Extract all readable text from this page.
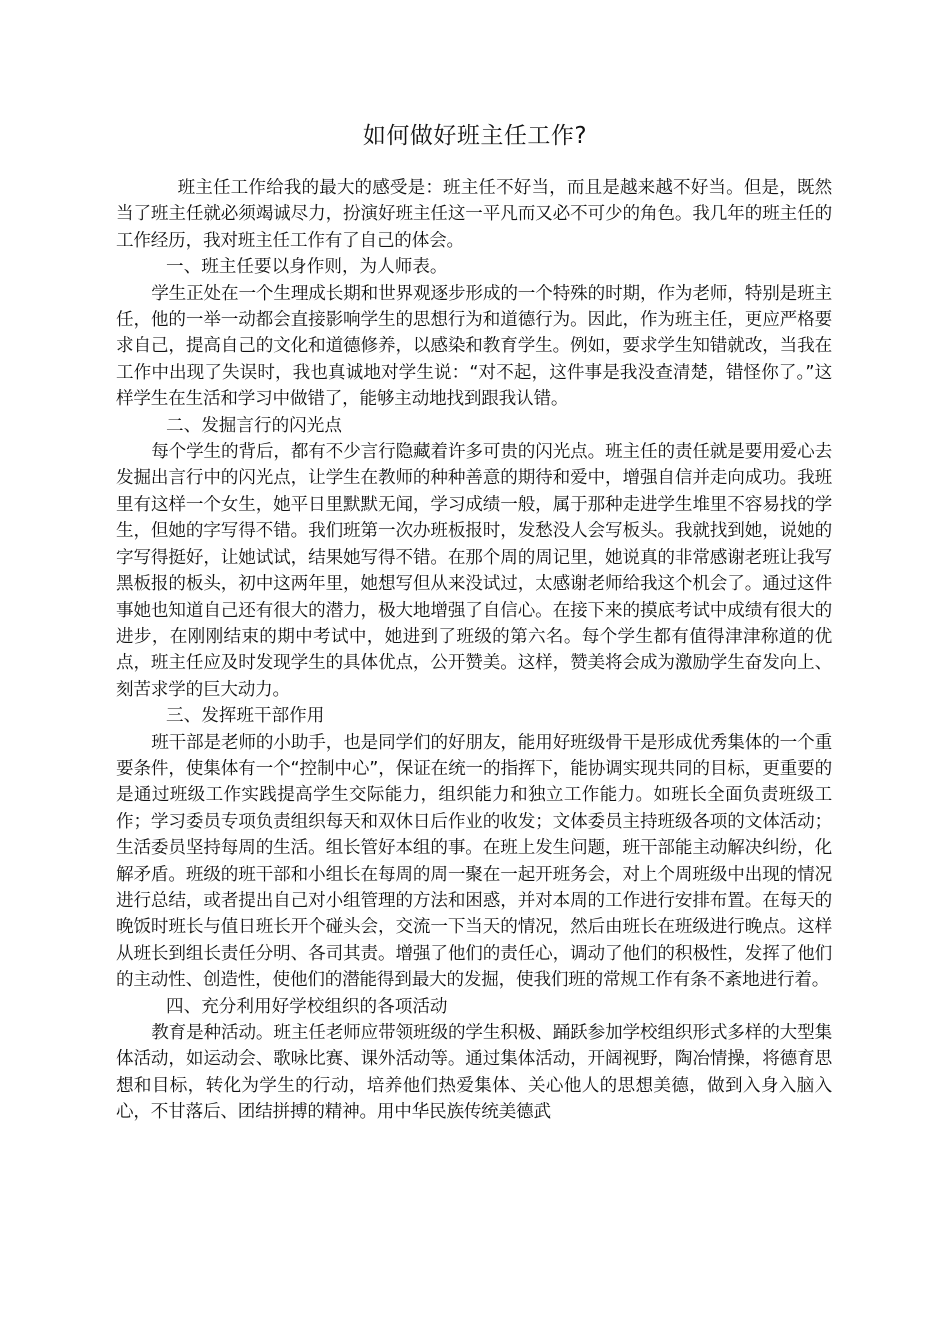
如何做好班主任工作?

班主任工作给我的最大的感受是：班主任不好当，而且是越来越不好当。但是，既然当了班主任就必须竭诚尽力，扮演好班主任这一平凡而又必不可少的角色。我几年的班主任的工作经历，我对班主任工作有了自己的体会。

一、班主任要以身作则，为人师表。

学生正处在一个生理成长期和世界观逐步形成的一个特殊的时期，作为老师，特别是班主任，他的一举一动都会直接影响学生的思想行为和道德行为。因此，作为班主任，更应严格要求自己，提高自己的文化和道德修养，以感染和教育学生。例如，要求学生知错就改，当我在工作中出现了失误时，我也真诚地对学生说：“对不起，这件事是我没查清楚，错怪你了。”这样学生在生活和学习中做错了，能够主动地找到跟我认错。

二、发掘言行的闪光点

每个学生的背后，都有不少言行隐藏着许多可贵的闪光点。班主任的责任就是要用爱心去发掘出言行中的闪光点，让学生在教师的种种善意的期待和爱中，增强自信并走向成功。我班里有这样一个女生，她平日里默默无闻，学习成绩一般，属于那种走进学生堆里不容易找的学生，但她的字写得不错。我们班第一次办班板报时，发愁没人会写板头。我就找到她，说她的字写得挺好，让她试试，结果她写得不错。在那个周的周记里，她说真的非常感谢老班让我写黑板报的板头，初中这两年里，她想写但从来没试过，太感谢老师给我这个机会了。通过这件事她也知道自己还有很大的潜力，极大地增强了自信心。在接下来的摸底考试中成绩有很大的进步，在刚刚结束的期中考试中，她进到了班级的第六名。每个学生都有值得津津称道的优点，班主任应及时发现学生的具体优点，公开赞美。这样，赞美将会成为激励学生奋发向上、刻苦求学的巨大动力。

三、发挥班干部作用

班干部是老师的小助手，也是同学们的好朋友，能用好班级骨干是形成优秀集体的一个重要条件，使集体有一个“控制中心”，保证在统一的指挥下，能协调实现共同的目标，更重要的是通过班级工作实践提高学生交际能力，组织能力和独立工作能力。如班长全面负责班级工作；学习委员专项负责组织每天和双休日后作业的收发；文体委员主持班级各项的文体活动；生活委员坚持每周的生活。组长管好本组的事。在班上发生问题，班干部能主动解决纠纷，化解矛盾。班级的班干部和小组长在每周的周一聚在一起开班务会，对上个周班级中出现的情况进行总结，或者提出自己对小组管理的方法和困惑，并对本周的工作进行安排布置。在每天的晚饭时班长与值日班长开个碰头会，交流一下当天的情况，然后由班长在班级进行晚点。这样从班长到组长责任分明、各司其责。增强了他们的责任心，调动了他们的积极性，发挥了他们的主动性、创造性，使他们的潜能得到最大的发掘，使我们班的常规工作有条不紊地进行着。

四、充分利用好学校组织的各项活动

教育是种活动。班主任老师应带领班级的学生积极、踊跃参加学校组织形式多样的大型集体活动，如运动会、歌咏比赛、课外活动等。通过集体活动，开阔视野，陶冶情操，将德育思想和目标，转化为学生的行动，培养他们热爱集体、关心他人的思想美德，做到入身入脑入心，不甘落后、团结拼搏的精神。用中华民族传统美德武
